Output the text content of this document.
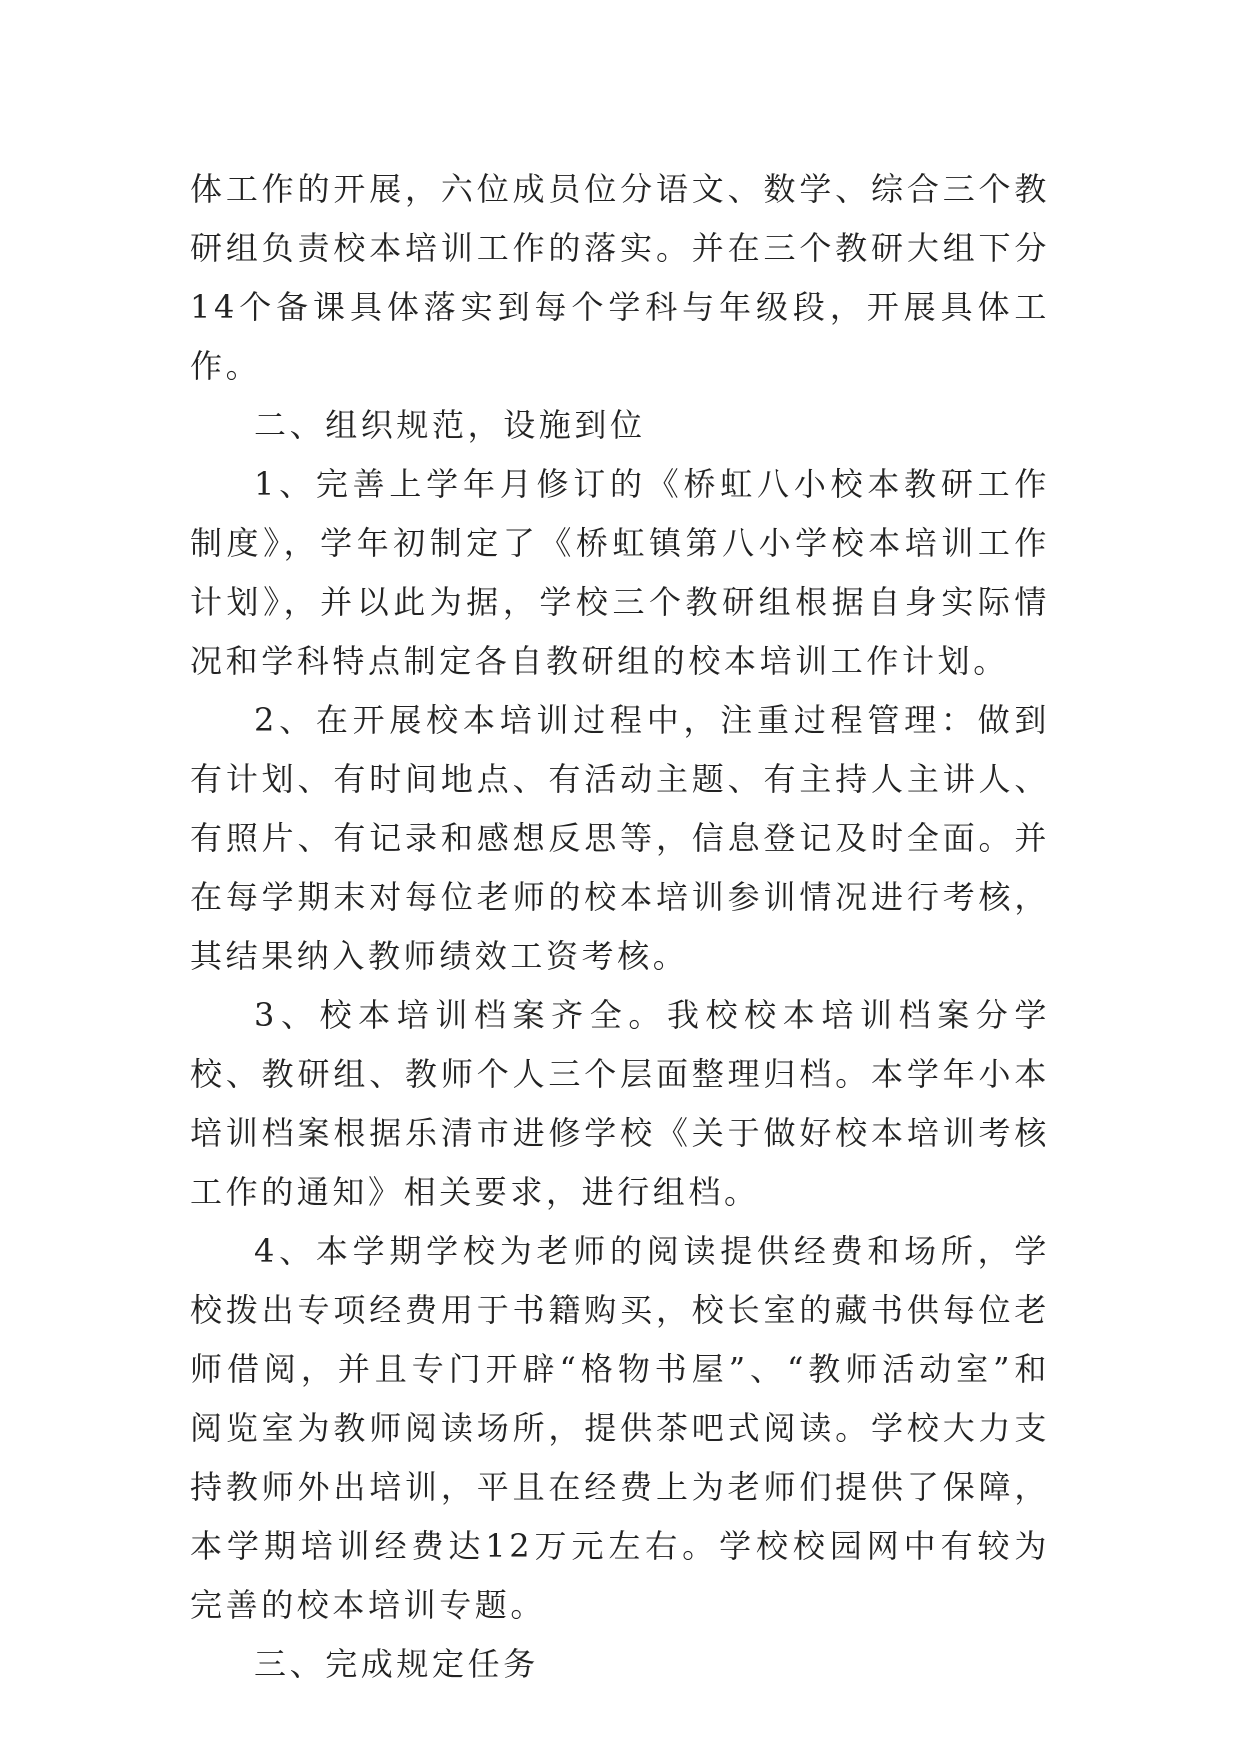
体工作的开展，六位成员位分语文、数学、综合三个教研组负责校本培训工作的落实。并在三个教研大组下分14个备课具体落实到每个学科与年级段，开展具体工作。

二、组织规范，设施到位

1、完善上学年月修订的《桥虹八小校本教研工作制度》，学年初制定了《桥虹镇第八小学校本培训工作计划》，并以此为据，学校三个教研组根据自身实际情况和学科特点制定各自教研组的校本培训工作计划。

2、在开展校本培训过程中，注重过程管理：做到有计划、有时间地点、有活动主题、有主持人主讲人、有照片、有记录和感想反思等，信息登记及时全面。并在每学期末对每位老师的校本培训参训情况进行考核，其结果纳入教师绩效工资考核。

3、校本培训档案齐全。我校校本培训档案分学校、教研组、教师个人三个层面整理归档。本学年小本培训档案根据乐清市进修学校《关于做好校本培训考核工作的通知》相关要求，进行组档。

4、本学期学校为老师的阅读提供经费和场所，学校拨出专项经费用于书籍购买，校长室的藏书供每位老师借阅，并且专门开辟“格物书屋”、“教师活动室”和阅览室为教师阅读场所，提供茶吧式阅读。学校大力支持教师外出培训，平且在经费上为老师们提供了保障，本学期培训经费达12万元左右。学校校园网中有较为完善的校本培训专题。

三、完成规定任务
